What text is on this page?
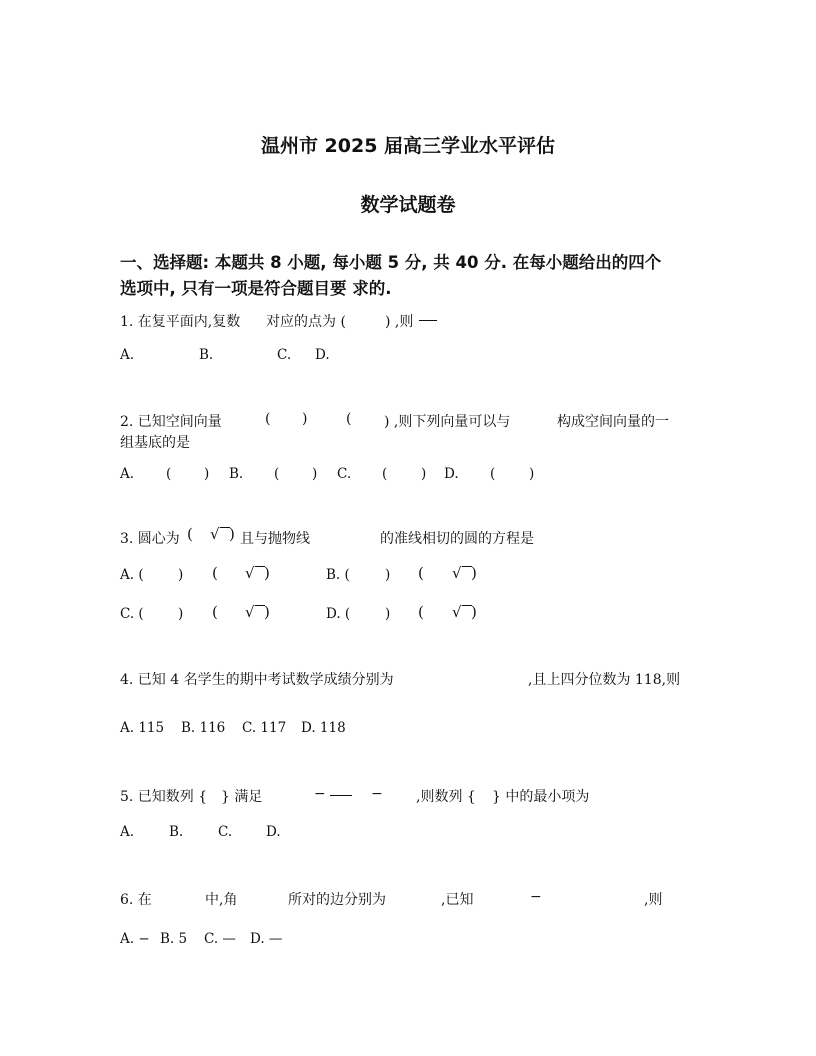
温州市 2025 届高三学业水平评估
数学试题卷
一、选择题: 本题共 8 小题, 每小题 5 分, 共 40 分. 在每小题给出的四个
选项中, 只有一项是符合题目要 求的.
1. 在复平面内,复数 对应的点为 (	) ,则
A.	B.	C. D.
2. 已知空间向量	( )	( ) ,则下列向量可以与	构成空间向量的一
组基底的是
A. ( ) B. ( ) C. ( ) D. ( )
3. 圆心为 ( √ ) 且与抛物线	的准线相切的圆的方程是
A. (	) ( √ )	B. (	) ( √ )
C. (	) ( √ )	D. (	) ( √ )
4. 已知 4 名学生的期中考试数学成绩分别为	,且上四分位数为 118,则
A. 115 B. 116 C. 117 D. 118
5. 已知数列 { } 满足	−	− ,则数列 { } 中的最小项为
A.	B.	C.	D.
6. 在	中,角	所对的边分别为	,已知	−	,则
A. − B. 5 C. — D. —
